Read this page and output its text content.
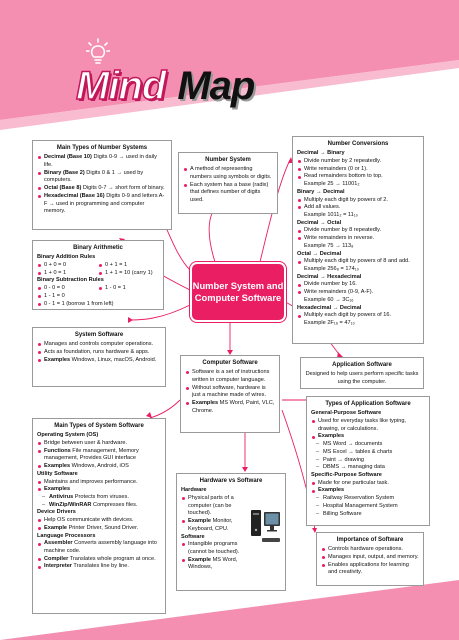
Mind Map
Main Types of Number Systems
Decimal (Base 10) Digits 0-9 → used in daily life.
Binary (Base 2) Digits 0 & 1 → used by computers.
Octal (Base 8) Digits 0-7 → short form of binary.
Hexadecimal (Base 16) Digits 0-9 and letters A-F → used in programming and computer memory.
Number System
A method of representing numbers using symbols or digits.
Each system has a base (radix) that defines number of digits used.
Number Conversions
Decimal → Binary
Divide number by 2 repeatedly.
Write remainders (0 or 1).
Read remainders bottom to top.
Example 25 → 11001₂
Binary → Decimal
Multiply each digit by powers of 2.
Add all values.
Example 1011₂ = 11₁₀
Decimal → Octal
Divide number by 8 repeatedly.
Write remainders in reverse.
Example 75 → 113₈
Octal → Decimal
Multiply each digit by powers of 8 and add.
Example 256₈ = 174₁₀
Decimal → Hexadecimal
Divide number by 16.
Write remainders (0-9, A-F).
Example 60 → 3C₁₆
Hexadecimal → Decimal
Multiply each digit by powers of 16.
Example 2F₁₆ = 47₁₀
Binary Arithmetic
Binary Addition Rules
0 + 0 = 0	0 + 1 = 1
1 + 0 = 1	1 + 1 = 10 (carry 1)
Binary Subtraction Rules
0 - 0 = 0	1 - 0 = 1
1 - 1 = 0
0 - 1 = 1 (borrow 1 from left)
Number System and Computer Software
System Software
Manages and controls computer operations.
Acts as foundation, runs hardware & apps.
Examples Windows, Linux, macOS, Android.
Computer Software
Software is a set of instructions written in computer language.
Without software, hardware is just a machine made of wires.
Examples MS Word, Paint, VLC, Chrome.
Application Software
Designed to help users perform specific tasks using the computer.
Types of Application Software
General-Purpose Software
Used for everyday tasks like typing, drawing, or calculations.
Examples
– MS Word → documents
– MS Excel → tables & charts
– Paint → drawing
– DBMS → managing data
Specific-Purpose Software
Made for one particular task.
Examples
– Railway Reservation System
– Hospital Management System
– Billing Software
Main Types of System Software
Operating System (OS)
Bridge between user & hardware.
Functions File management, Memory management, Provides GUI interface
Examples Windows, Android, iOS
Utility Software
Maintains and improves performance.
Examples
– Antivirus Protects from viruses.
– WinZip/WinRAR Compresses files.
Device Drivers
Help OS communicate with devices.
Example Printer Driver, Sound Driver.
Language Processors
Assembler Converts assembly language into machine code.
Compiler Translates whole program at once.
Interpreter Translates line by line.
Hardware vs Software
Hardware
Physical parts of a computer (can be touched).
Example Monitor, Keyboard, CPU.
Software
Intangible programs (cannot be touched).
Example MS Word, Windows,
Importance of Software
Controls hardware operations.
Manages input, output, and memory.
Enables applications for learning and creativity.
